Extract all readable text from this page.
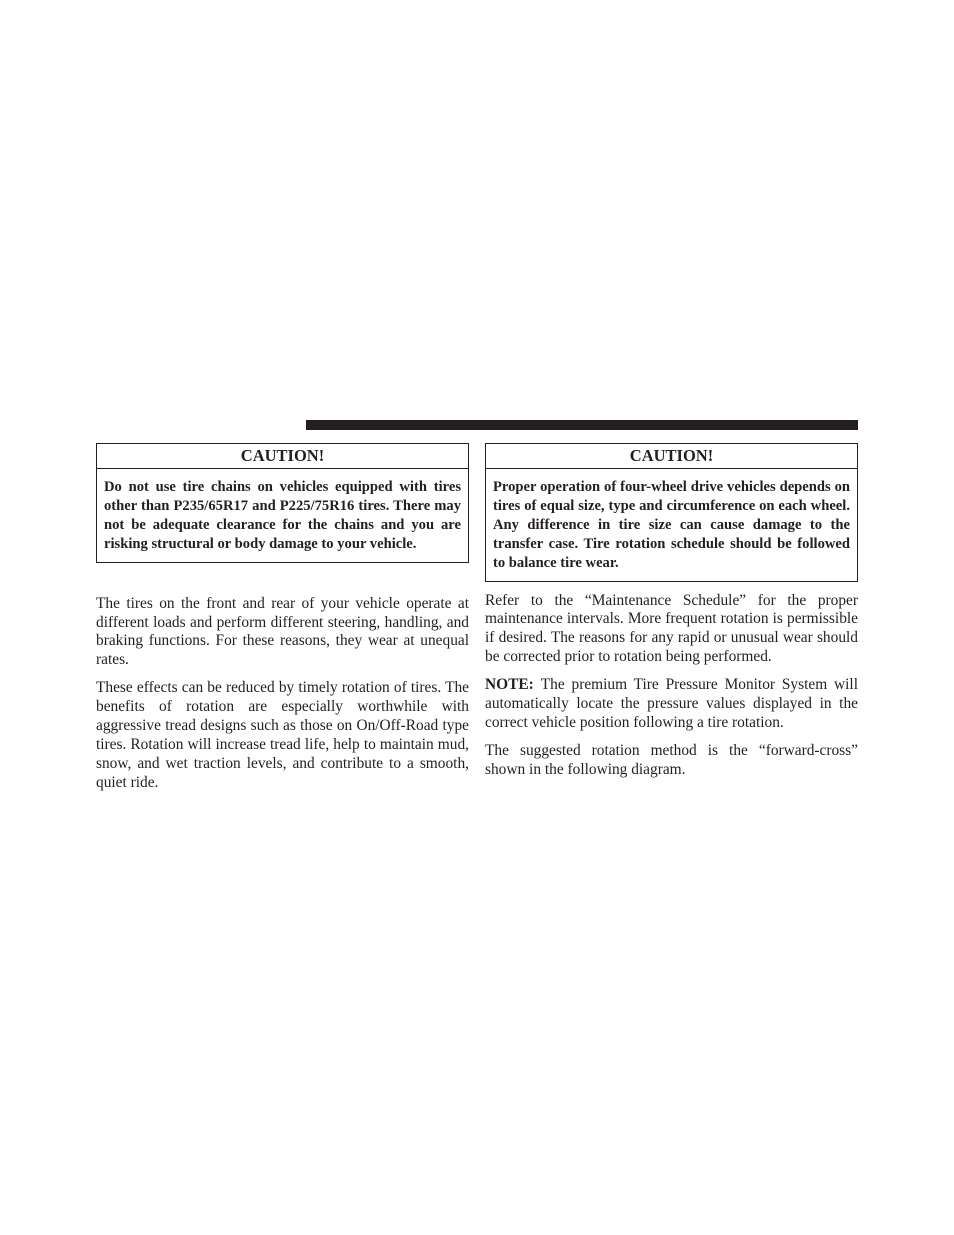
CAUTION!
Do not use tire chains on vehicles equipped with tires other than P235/65R17 and P225/75R16 tires. There may not be adequate clearance for the chains and you are risking structural or body damage to your vehicle.

The tires on the front and rear of your vehicle operate at different loads and perform different steering, handling, and braking functions. For these reasons, they wear at unequal rates.

These effects can be reduced by timely rotation of tires. The benefits of rotation are especially worthwhile with aggressive tread designs such as those on On/Off-Road type tires. Rotation will increase tread life, help to maintain mud, snow, and wet traction levels, and contribute to a smooth, quiet ride.

CAUTION!
Proper operation of four-wheel drive vehicles depends on tires of equal size, type and circumference on each wheel. Any difference in tire size can cause damage to the transfer case. Tire rotation schedule should be followed to balance tire wear.

Refer to the “Maintenance Schedule” for the proper maintenance intervals. More frequent rotation is permissible if desired. The reasons for any rapid or unusual wear should be corrected prior to rotation being performed.

NOTE: The premium Tire Pressure Monitor System will automatically locate the pressure values displayed in the correct vehicle position following a tire rotation.

The suggested rotation method is the “forward-cross” shown in the following diagram.
